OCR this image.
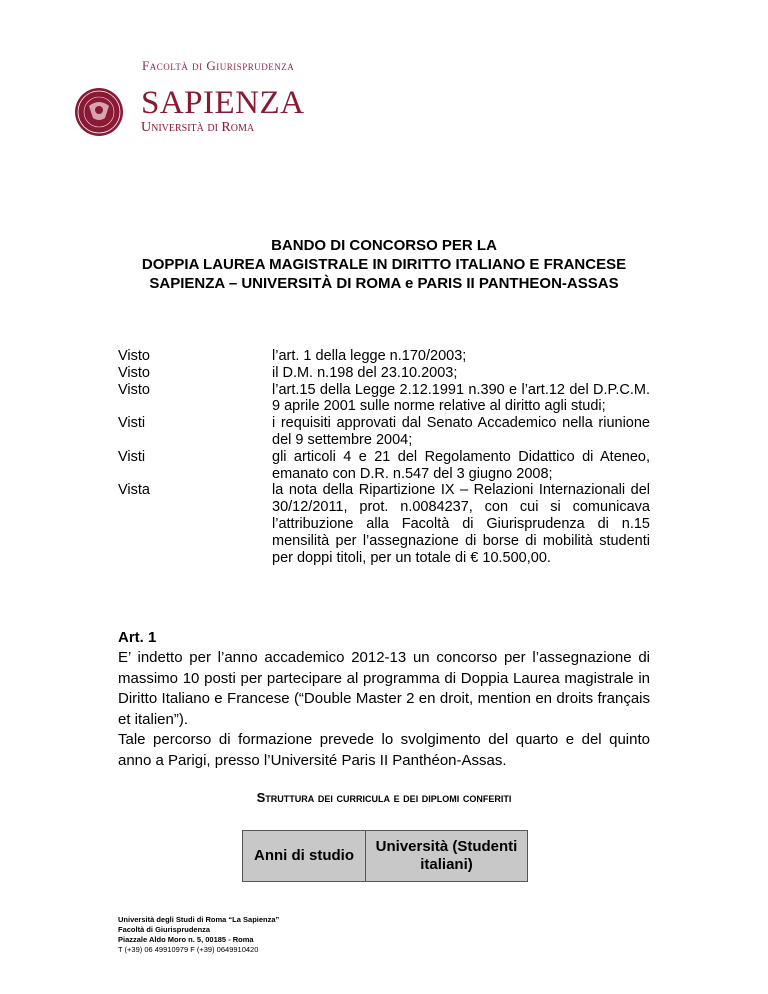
Facoltà di Giurisprudenza
SAPIENZA
Università di Roma
BANDO DI CONCORSO PER LA
DOPPIA LAUREA MAGISTRALE IN DIRITTO ITALIANO E FRANCESE
SAPIENZA – UNIVERSITÀ DI ROMA e PARIS II PANTHEON-ASSAS
Visto	l’art. 1 della legge n.170/2003;
Visto	il D.M. n.198 del 23.10.2003;
Visto	l’art.15 della Legge 2.12.1991 n.390 e l’art.12 del D.P.C.M. 9 aprile 2001 sulle norme relative al diritto agli studi;
Visti	i requisiti approvati dal Senato Accademico nella riunione del 9 settembre 2004;
Visti	gli articoli 4 e 21 del Regolamento Didattico di Ateneo, emanato con D.R. n.547 del 3 giugno 2008;
Vista	la nota della Ripartizione IX – Relazioni Internazionali del 30/12/2011, prot. n.0084237, con cui si comunicava l’attribuzione alla Facoltà di Giurisprudenza di n.15 mensilità per l’assegnazione di borse di mobilità studenti per doppi titoli, per un totale di € 10.500,00.
Art. 1

E’ indetto per l’anno accademico 2012-13 un concorso per l’assegnazione di massimo 10 posti per partecipare al programma di Doppia Laurea magistrale in Diritto Italiano e Francese (“Double Master 2 en droit, mention en droits français et italien”).

Tale percorso di formazione prevede lo svolgimento del quarto e del quinto anno a Parigi, presso l’Université Paris II Panthéon-Assas.

Struttura dei curricula e dei diplomi conferiti
Anni di studio	Università (Studenti italiani)
Università degli Studi di Roma “La Sapienza”
Facoltà di Giurisprudenza
Piazzale Aldo Moro n. 5, 00185 - Roma
T (+39) 06 49910979 F (+39) 0649910420
